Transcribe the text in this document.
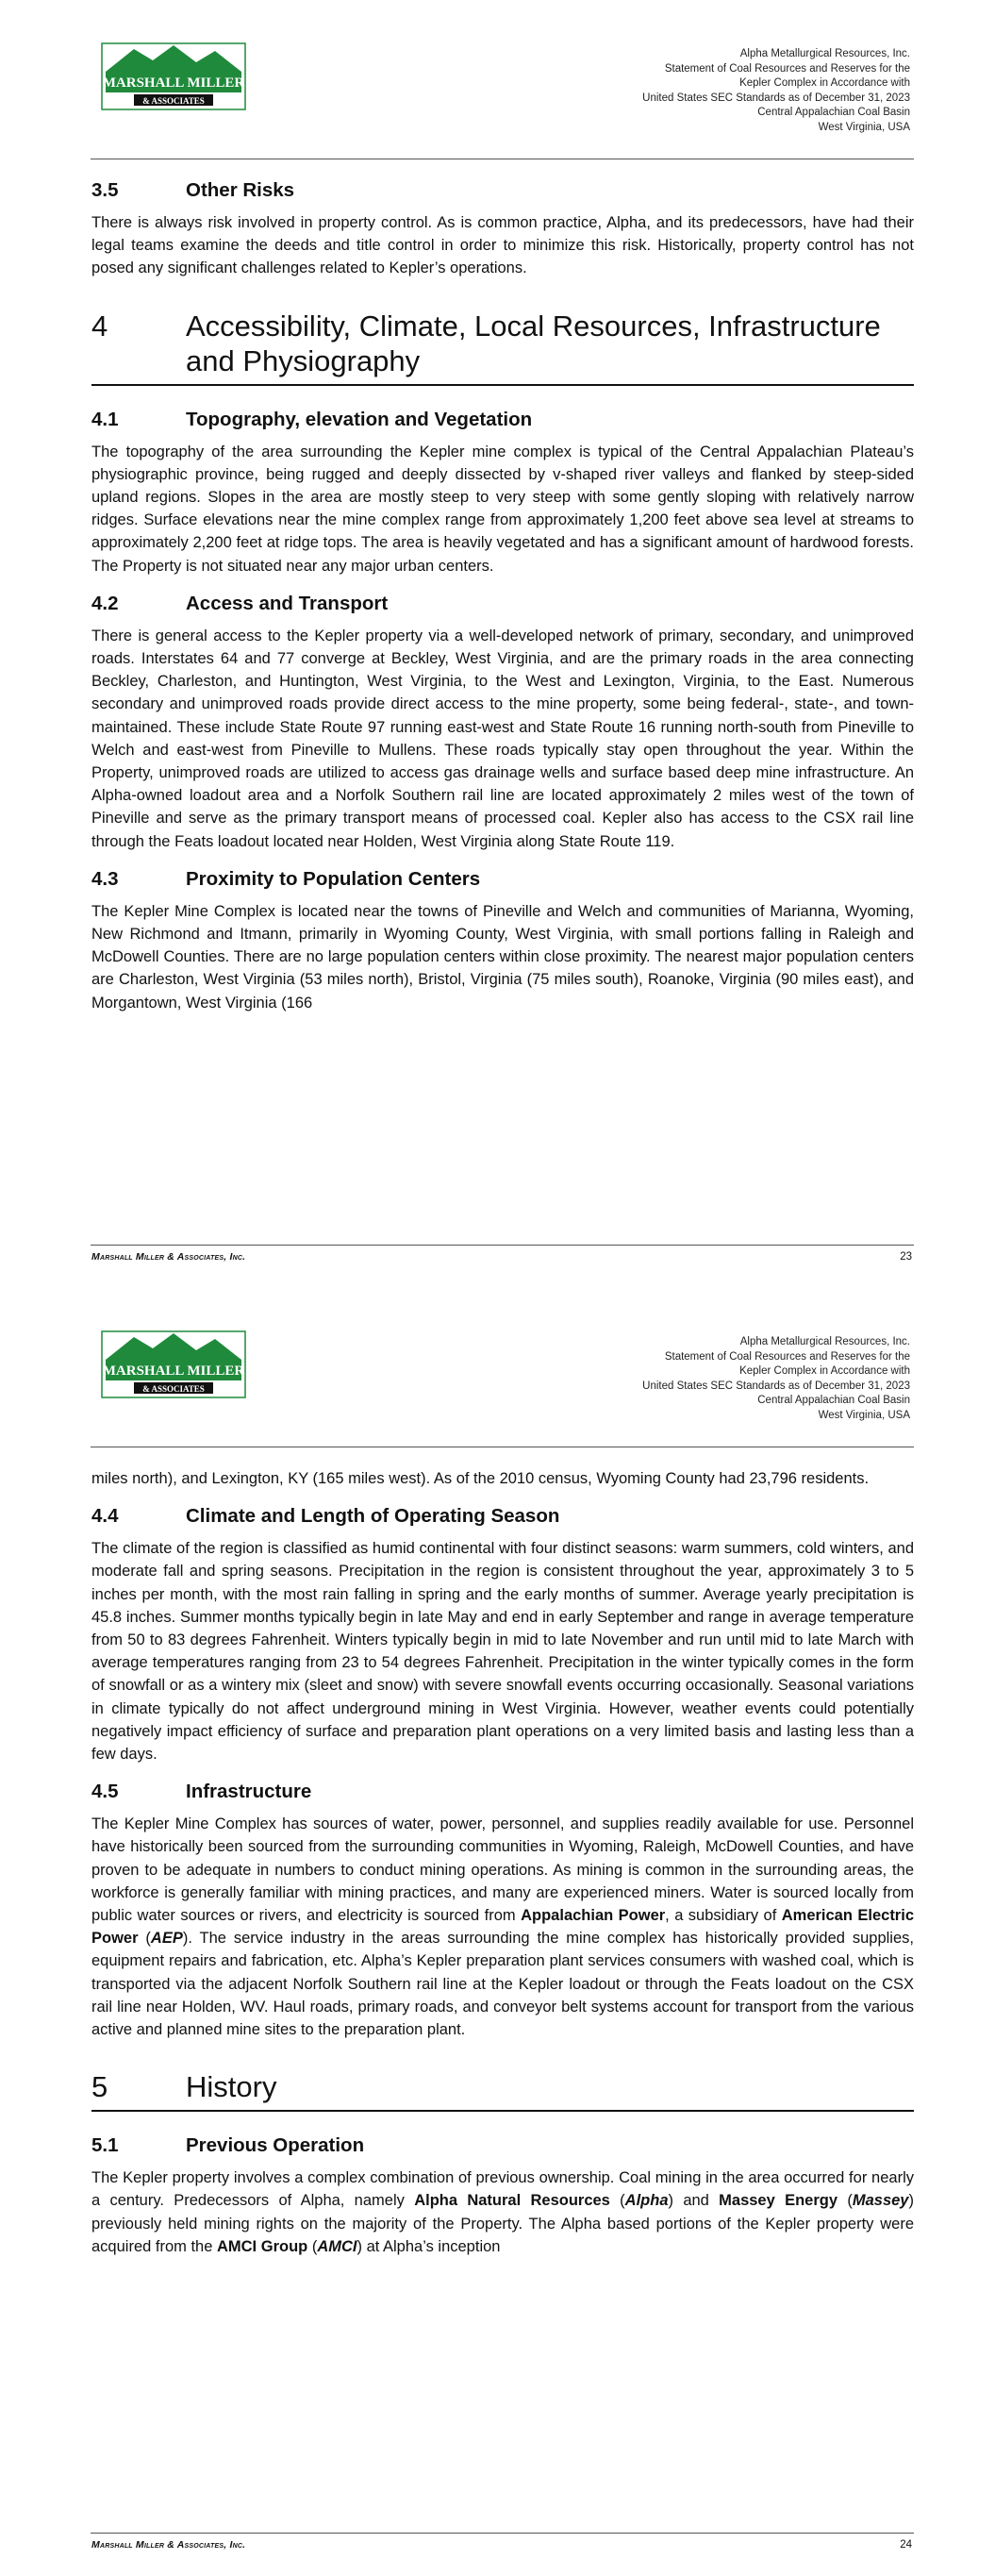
MARSHALL MILLER
& ASSOCIATES
Alpha Metallurgical Resources, Inc.
Statement of Coal Resources and Reserves for the
Kepler Complex in Accordance with
United States SEC Standards as of December 31, 2023
Central Appalachian Coal Basin
West Virginia, USA
3.5	Other Risks

There is always risk involved in property control. As is common practice, Alpha, and its predecessors, have had their legal teams examine the deeds and title control in order to minimize this risk. Historically, property control has not posed any significant challenges related to Kepler’s operations.

4	Accessibility, Climate, Local Resources, Infrastructure and Physiography
4.1	Topography, elevation and Vegetation

The topography of the area surrounding the Kepler mine complex is typical of the Central Appalachian Plateau’s physiographic province, being rugged and deeply dissected by v-shaped river valleys and flanked by steep-sided upland regions. Slopes in the area are mostly steep to very steep with some gently sloping with relatively narrow ridges. Surface elevations near the mine complex range from approximately 1,200 feet above sea level at streams to approximately 2,200 feet at ridge tops. The area is heavily vegetated and has a significant amount of hardwood forests. The Property is not situated near any major urban centers.

4.2	Access and Transport

There is general access to the Kepler property via a well-developed network of primary, secondary, and unimproved roads. Interstates 64 and 77 converge at Beckley, West Virginia, and are the primary roads in the area connecting Beckley, Charleston, and Huntington, West Virginia, to the West and Lexington, Virginia, to the East. Numerous secondary and unimproved roads provide direct access to the mine property, some being federal-, state-, and town-maintained. These include State Route 97 running east-west and State Route 16 running north-south from Pineville to Welch and east-west from Pineville to Mullens. These roads typically stay open throughout the year. Within the Property, unimproved roads are utilized to access gas drainage wells and surface based deep mine infrastructure. An Alpha-owned loadout area and a Norfolk Southern rail line are located approximately 2 miles west of the town of Pineville and serve as the primary transport means of processed coal. Kepler also has access to the CSX rail line through the Feats loadout located near Holden, West Virginia along State Route 119.

4.3	Proximity to Population Centers

The Kepler Mine Complex is located near the towns of Pineville and Welch and communities of Marianna, Wyoming, New Richmond and Itmann, primarily in Wyoming County, West Virginia, with small portions falling in Raleigh and McDowell Counties. There are no large population centers within close proximity. The nearest major population centers are Charleston, West Virginia (53 miles north), Bristol, Virginia (75 miles south), Roanoke, Virginia (90 miles east), and Morgantown, West Virginia (166

Marshall Miller & Associates, Inc.	23
MARSHALL MILLER
& ASSOCIATES
Alpha Metallurgical Resources, Inc.
Statement of Coal Resources and Reserves for the
Kepler Complex in Accordance with
United States SEC Standards as of December 31, 2023
Central Appalachian Coal Basin
West Virginia, USA

miles north), and Lexington, KY (165 miles west). As of the 2010 census, Wyoming County had 23,796 residents.

4.4	Climate and Length of Operating Season

The climate of the region is classified as humid continental with four distinct seasons: warm summers, cold winters, and moderate fall and spring seasons. Precipitation in the region is consistent throughout the year, approximately 3 to 5 inches per month, with the most rain falling in spring and the early months of summer. Average yearly precipitation is 45.8 inches. Summer months typically begin in late May and end in early September and range in average temperature from 50 to 83 degrees Fahrenheit. Winters typically begin in mid to late November and run until mid to late March with average temperatures ranging from 23 to 54 degrees Fahrenheit. Precipitation in the winter typically comes in the form of snowfall or as a wintery mix (sleet and snow) with severe snowfall events occurring occasionally. Seasonal variations in climate typically do not affect underground mining in West Virginia. However, weather events could potentially negatively impact efficiency of surface and preparation plant operations on a very limited basis and lasting less than a few days.

4.5	Infrastructure

The Kepler Mine Complex has sources of water, power, personnel, and supplies readily available for use. Personnel have historically been sourced from the surrounding communities in Wyoming, Raleigh, McDowell Counties, and have proven to be adequate in numbers to conduct mining operations. As mining is common in the surrounding areas, the workforce is generally familiar with mining practices, and many are experienced miners. Water is sourced locally from public water sources or rivers, and electricity is sourced from Appalachian Power, a subsidiary of American Electric Power (AEP). The service industry in the areas surrounding the mine complex has historically provided supplies, equipment repairs and fabrication, etc. Alpha’s Kepler preparation plant services consumers with washed coal, which is transported via the adjacent Norfolk Southern rail line at the Kepler loadout or through the Feats loadout on the CSX rail line near Holden, WV. Haul roads, primary roads, and conveyor belt systems account for transport from the various active and planned mine sites to the preparation plant.

5	History
5.1	Previous Operation

The Kepler property involves a complex combination of previous ownership. Coal mining in the area occurred for nearly a century. Predecessors of Alpha, namely Alpha Natural Resources (Alpha) and Massey Energy (Massey) previously held mining rights on the majority of the Property. The Alpha based portions of the Kepler property were acquired from the AMCI Group (AMCI) at Alpha’s inception

Marshall Miller & Associates, Inc.	24
